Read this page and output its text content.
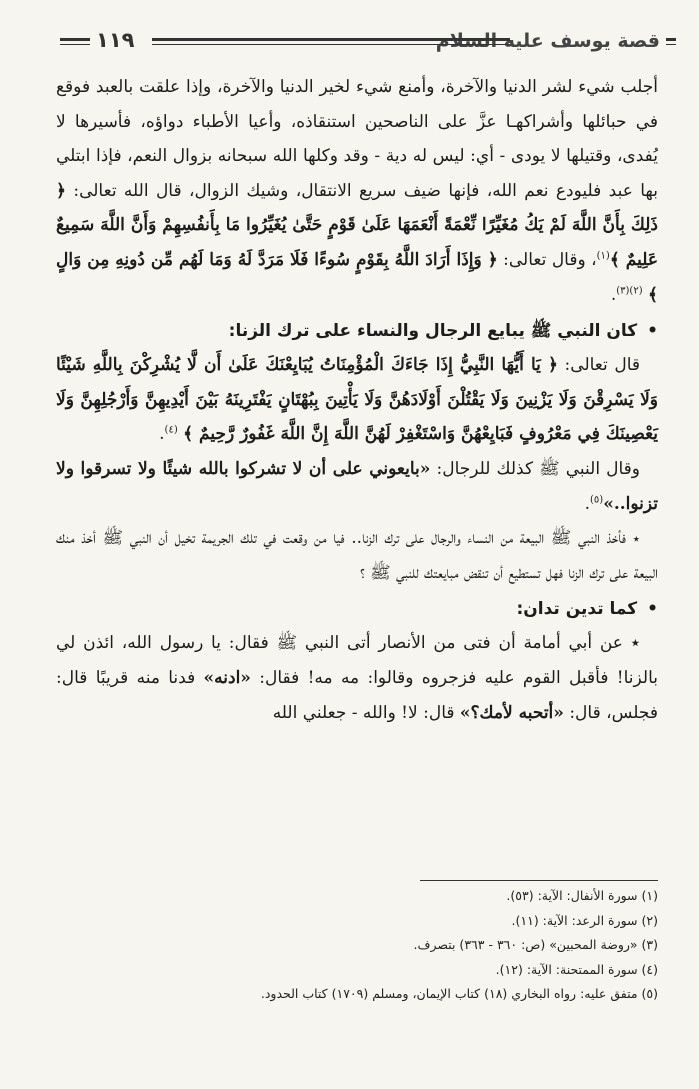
قصة يوسف عليه السلام
١١٩

أجلب شيء لشر الدنيا والآخرة، وأمنع شيء لخير الدنيا والآخرة، وإذا علقت بالعبد فوقع في حبائلها وأشراكهـا عزَّ على الناصحين استنقاذه، وأعيا الأطباء دواؤه، فأسيرها لا يُفدى، وقتيلها لا يودى - أي: ليس له دية - وقد وكلها الله سبحانه بزوال النعم، فإذا ابتلي بها عبد فليودع نعم الله، فإنها ضيف سريع الانتقال، وشيك الزوال، قال الله تعالى: ﴿ ذَلِكَ بِأَنَّ اللَّهَ لَمْ يَكُ مُغَيِّرًا نِّعْمَةً أَنْعَمَهَا عَلَىٰ قَوْمٍ حَتَّىٰ يُغَيِّرُوا مَا بِأَنفُسِهِمْ وَأَنَّ اللَّهَ سَمِيعٌ عَلِيمٌ ﴾$^{(١)}$، وقال تعالى: ﴿ وَإِذَا أَرَادَ اللَّهُ بِقَوْمٍ سُوءًا فَلَا مَرَدَّ لَهُ وَمَا لَهُم مِّن دُونِهِ مِن وَالٍ ﴾ $^{(٢)(٣)}$.

• كان النبي ﷺ يبايع الرجال والنساء على ترك الزنا:

قال تعالى: ﴿ يَا أَيُّهَا النَّبِيُّ إِذَا جَاءَكَ الْمُؤْمِنَاتُ يُبَايِعْنَكَ عَلَىٰ أَن لَّا يُشْرِكْنَ بِاللَّهِ شَيْئًا وَلَا يَسْرِقْنَ وَلَا يَزْنِينَ وَلَا يَقْتُلْنَ أَوْلَادَهُنَّ وَلَا يَأْتِينَ بِبُهْتَانٍ يَفْتَرِينَهُ بَيْنَ أَيْدِيهِنَّ وَأَرْجُلِهِنَّ وَلَا يَعْصِينَكَ فِي مَعْرُوفٍ فَبَايِعْهُنَّ وَاسْتَغْفِرْ لَهُنَّ اللَّهَ إِنَّ اللَّهَ غَفُورٌ رَّحِيمٌ ﴾ $^{(٤)}$.

وقال النبي ﷺ كذلك للرجال: «بايعوني على أن لا تشركوا بالله شيئًا ولا تسرقوا ولا تزنوا..»$^{(٥)}$.

٭ فأخذ النبي ﷺ البيعة من النساء والرجال على ترك الزنا.. فيا من وقعت في تلك الجريمة تخيل أن النبي ﷺ أخذ منك البيعة على ترك الزنا فهل تستطيع أن تنقض مبايعتك للنبي ﷺ ؟

• كما تدين تدان:

٭ عن أبي أمامة أن فتى من الأنصار أتى النبي ﷺ فقال: يا رسول الله، ائذن لي بالزنا! فأقبل القوم عليه فزجروه وقالوا: مه مه! فقال: «ادنه» فدنا منه قريبًا قال: فجلس، قال: «أتحبه لأمك؟» قال: لا! والله - جعلني الله

(١) سورة الأنفال: الآية: (٥٣).
(٢) سورة الرعد: الآية: (١١).
(٣) «روضة المحبين» (ص: ٣٦٠ - ٣٦٣) بتصرف.
(٤) سورة الممتحنة: الآية: (١٢).
(٥) متفق عليه: رواه البخاري (١٨) كتاب الإيمان، ومسلم (١٧٠٩) كتاب الحدود.
